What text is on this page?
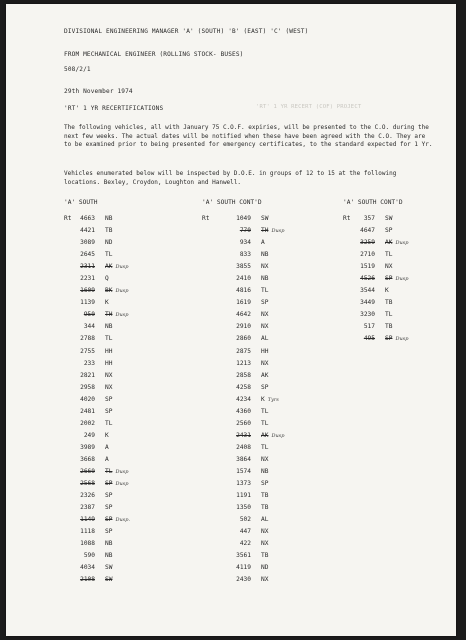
DIVISIONAL ENGINEERING MANAGER 'A' (SOUTH) 'B' (EAST) 'C' (WEST)
FROM MECHANICAL ENGINEER (ROLLING STOCK- BUSES)
508/2/1
29th November 1974
'RT' 1 YR RECERTIFICATIONS	'RT' 1 YR RECERT (COF) PROJECT
The following vehicles, all with January 75 C.O.F. expiries, will be presented to the C.O. during the next few weeks. The actual dates will be notified when these have been agreed with the C.O. They are to be examined prior to being presented for emergency certificates, to the standard expected for 1 Yr.
Vehicles enumerated below will be inspected by D.O.E. in groups of 12 to 15 at the following locations. Bexley, Croydon, Loughton and Hanwell.
'A' SOUTH	'A' SOUTH CONT'D	'A' SOUTH CONT'D
Rt 4663 NB
4421 TB
3089 ND
2645 TL
2311 AK Dusp
2231 Q
1609 BK Dusp
1139 K
950 TH Dusp
344 NB
2788 TL
2755 HH
233 HH
2821 NX
2958 NX
4020 SP
2481 SP
2002 TL
249 K
3989 A
3668 A
2660 TL Dusp
2568 SP Dusp
2326 SP
2387 SP
1149 SP Dusp.
1118 SP
1088 NB
590 NB
4034 SW
2108 SW
Rt	1049 SW
770 TH Dusp
934 A
833 NB
3855 NX
2410 NB
4816 TL
1619 SP
4642 NX
2910 NX
2860 AL
2875 HH
1213 NX
2858 AK
4258 SP
4234 K Tyrs
4360 TL
2560 TL
2431 AK Dusp
2408 TL
3864 NX
1574 NB
1373 SP
1191 TB
1350 TB
502 AL
447 NX
422 NX
3561 TB
4119 ND
2430 NX
Rt 357 SW
4647 SP
3259 AK Dusp
2710 TL
1519 NX
4526 SP Dusp
3544 K
3449 TB
3230 TL
517 TB
495 SP Dusp
